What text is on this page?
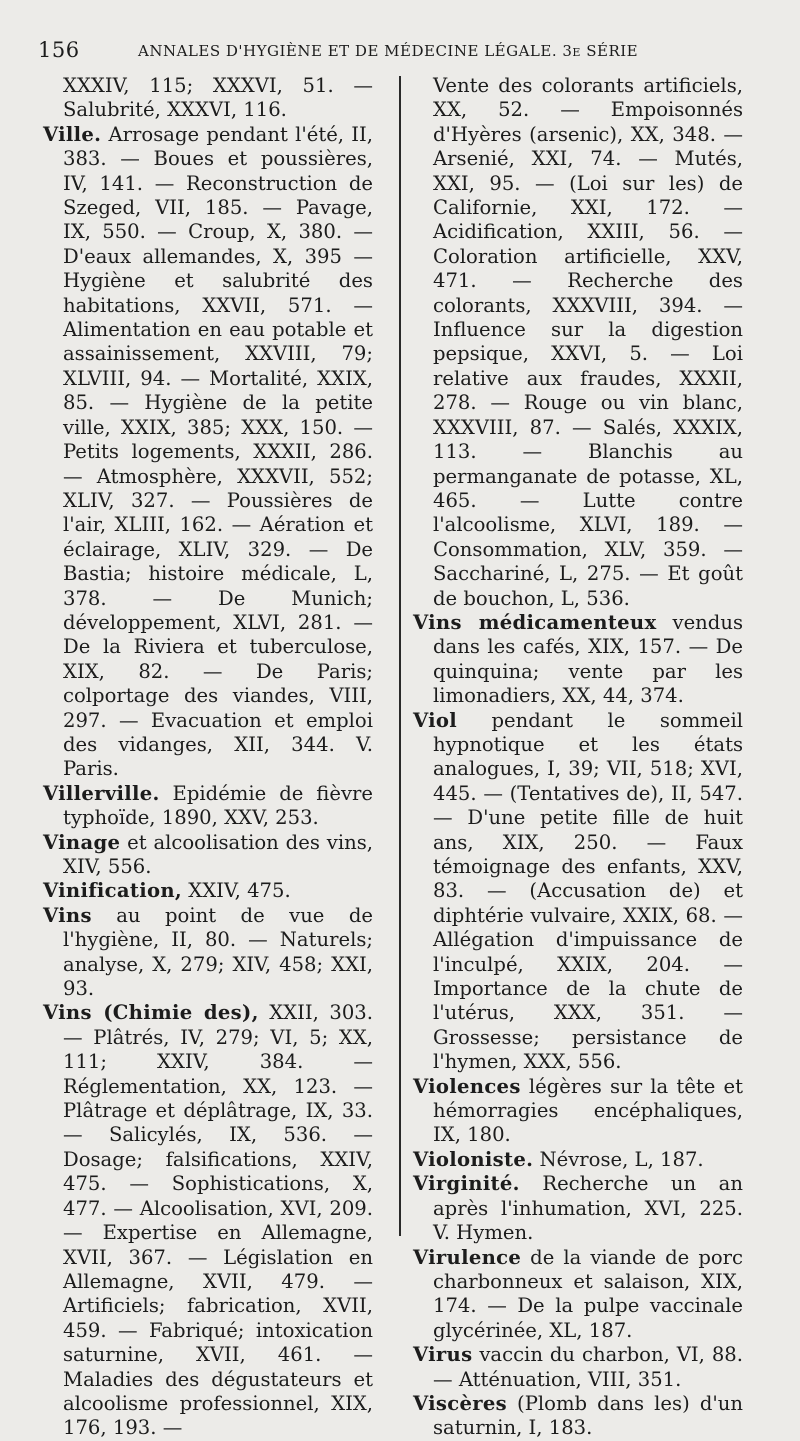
156	ANNALES D'HYGIÈNE ET DE MÉDECINE LÉGALE. 3e SÉRIE

XXXIV, 115; XXXVI, 51. — Salubrité, XXXVI, 116.

Ville. Arrosage pendant l'été, II, 383. — Boues et poussières, IV, 141. — Reconstruction de Szeged, VII, 185. — Pavage, IX, 550. — Croup, X, 380. — D'eaux allemandes, X, 395 — Hygiène et salubrité des habitations, XXVII, 571. — Alimentation en eau potable et assainissement, XXVIII, 79; XLVIII, 94. — Mortalité, XXIX, 85. — Hygiène de la petite ville, XXIX, 385; XXX, 150. — Petits logements, XXXII, 286. — Atmosphère, XXXVII, 552; XLIV, 327. — Poussières de l'air, XLIII, 162. — Aération et éclairage, XLIV, 329. — De Bastia; histoire médicale, L, 378. — De Munich; développement, XLVI, 281. — De la Riviera et tuberculose, XIX, 82. — De Paris; colportage des viandes, VIII, 297. — Evacuation et emploi des vidanges, XII, 344. V. Paris.

Villerville. Epidémie de fièvre typhoïde, 1890, XXV, 253.

Vinage et alcoolisation des vins, XIV, 556.

Vinification, XXIV, 475.

Vins au point de vue de l'hygiène, II, 80. — Naturels; analyse, X, 279; XIV, 458; XXI, 93.

Vins (Chimie des), XXII, 303. — Plâtrés, IV, 279; VI, 5; XX, 111; XXIV, 384. — Réglementation, XX, 123. — Plâtrage et déplâtrage, IX, 33. — Salicylés, IX, 536. — Dosage; falsifications, XXIV, 475. — Sophistications, X, 477. — Alcoolisation, XVI, 209. — Expertise en Allemagne, XVII, 367. — Législation en Allemagne, XVII, 479. — Artificiels; fabrication, XVII, 459. — Fabriqué; intoxication saturnine, XVII, 461. — Maladies des dégustateurs et alcoolisme professionnel, XIX, 176, 193. —

Vente des colorants artificiels, XX, 52. — Empoisonnés d'Hyères (arsenic), XX, 348. — Arsenié, XXI, 74. — Mutés, XXI, 95. — (Loi sur les) de Californie, XXI, 172. — Acidification, XXIII, 56. — Coloration artificielle, XXV, 471. — Recherche des colorants, XXXVIII, 394. — Influence sur la digestion pepsique, XXVI, 5. — Loi relative aux fraudes, XXXII, 278. — Rouge ou vin blanc, XXXVIII, 87. — Salés, XXXIX, 113. — Blanchis au permanganate de potasse, XL, 465. — Lutte contre l'alcoolisme, XLVI, 189. — Consommation, XLV, 359. — Sacchariné, L, 275. — Et goût de bouchon, L, 536.

Vins médicamenteux vendus dans les cafés, XIX, 157. — De quinquina; vente par les limonadiers, XX, 44, 374.

Viol pendant le sommeil hypnotique et les états analogues, I, 39; VII, 518; XVI, 445. — (Tentatives de), II, 547. — D'une petite fille de huit ans, XIX, 250. — Faux témoignage des enfants, XXV, 83. — (Accusation de) et diphtérie vulvaire, XXIX, 68. — Allégation d'impuissance de l'inculpé, XXIX, 204. — Importance de la chute de l'utérus, XXX, 351. — Grossesse; persistance de l'hymen, XXX, 556.

Violences légères sur la tête et hémorragies encéphaliques, IX, 180.

Violoniste. Névrose, L, 187.

Virginité. Recherche un an après l'inhumation, XVI, 225. V. Hymen.

Virulence de la viande de porc charbonneux et salaison, XIX, 174. — De la pulpe vaccinale glycérinée, XL, 187.

Virus vaccin du charbon, VI, 88. — Atténuation, VIII, 351.

Viscères (Plomb dans les) d'un saturnin, I, 183.
